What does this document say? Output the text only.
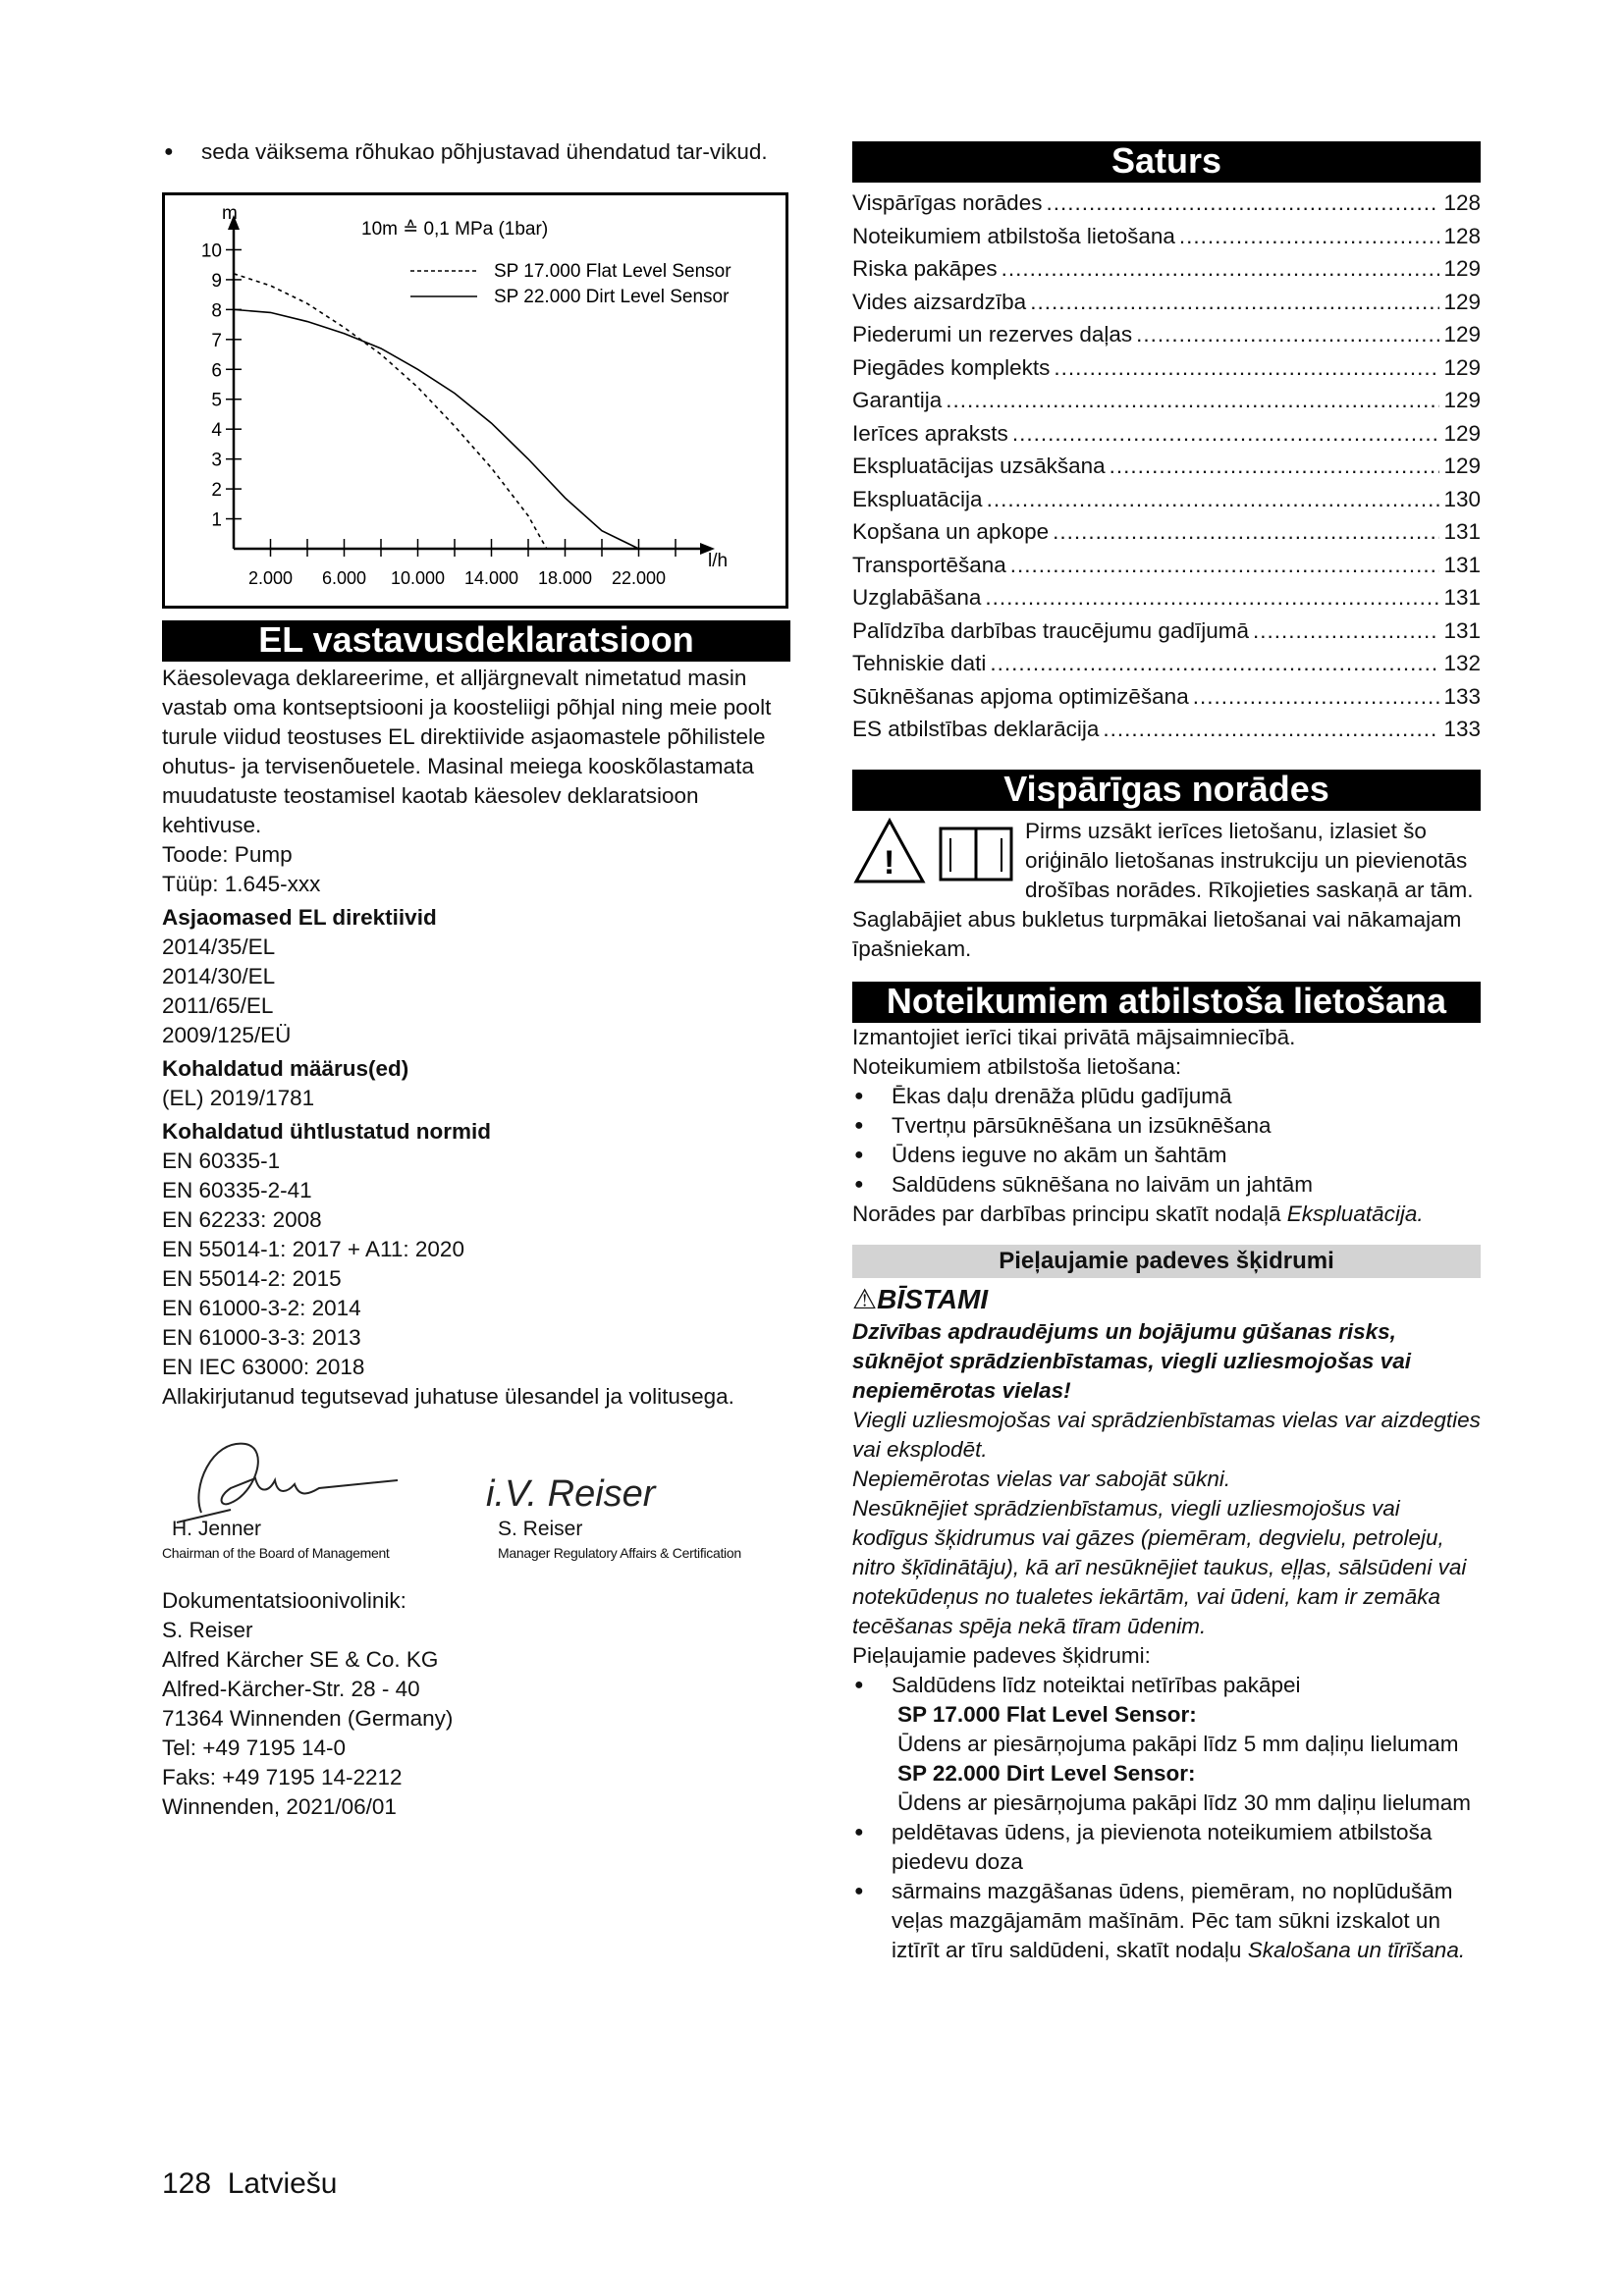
● seda väiksema rõhukao põhjustavad ühendatud tar-vikud.
1
2
3
4
5
6
7
8
9
10
2.000 6.000 10.000 14.000 18.000 22.000
10m ≙ 0,1 MPa (1bar)
SP 17.000 Flat Level Sensor
SP 22.000 Dirt Level Sensor
m
l/h
EL vastavusdeklaratsioon

Käesolevaga deklareerime, et alljärgnevalt nimetatud masin vastab oma kontseptsiooni ja koosteliigi põhjal ning meie poolt turule viidud teostuses EL direktiivide asjaomastele põhilistele ohutus- ja tervisenõuetele. Masinal meiega kooskõlastamata muudatuste teostamisel kaotab käesolev deklaratsioon kehtivuse.

Toode: Pump

Tüüp: 1.645-xxx

Asjaomased EL direktiivid

2014/35/EL

2014/30/EL

2011/65/EL

2009/125/EÜ

Kohaldatud määrus(ed)

(EL) 2019/1781

Kohaldatud ühtlustatud normid

EN 60335-1

EN 60335-2-41

EN 62233: 2008

EN 55014-1: 2017 + A11: 2020

EN 55014-2: 2015

EN 61000-3-2: 2014

EN 61000-3-3: 2013

EN IEC 63000: 2018

Allakirjutanud tegutsevad juhatuse ülesandel ja volitusega.

i.V. Reiser
H. Jenner
Chairman of the Board of Management
S. Reiser
Manager Regulatory Affairs & Certification

Dokumentatsioonivolinik:

S. Reiser

Alfred Kärcher SE & Co. KG

Alfred-Kärcher-Str. 28 - 40

71364 Winnenden (Germany)

Tel: +49 7195 14-0

Faks: +49 7195 14-2212

Winnenden, 2021/06/01

Saturs
Vispārīgas norādes .....	128
Noteikumiem atbilstoša lietošana .....	128
Riska pakāpes .....	129
Vides aizsardzība .....	129
Piederumi un rezerves daļas .....	129
Piegādes komplekts .....	129
Garantija .....	129
Ierīces apraksts .....	129
Ekspluatācijas uzsākšana .....	129
Ekspluatācija .....	130
Kopšana un apkope .....	131
Transportēšana .....	131
Uzglabāšana .....	131
Palīdzība darbības traucējumu gadījumā .....	131
Tehniskie dati .....	132
Sūknēšanas apjoma optimizēšana .....	133
ES atbilstības deklarācija .....	133
Vispārīgas norādes
!

Pirms uzsākt ierīces lietošanu, izlasiet šo oriģinālo lietošanas instrukciju un pievienotās drošības norādes. Rīkojieties saskaņā ar tām.

Saglabājiet abus bukletus turpmākai lietošanai vai nākamajam īpašniekam.

Noteikumiem atbilstoša lietošana

Izmantojiet ierīci tikai privātā mājsaimniecībā.

Noteikumiem atbilstoša lietošana:

● Ēkas daļu drenāža plūdu gadījumā
● Tvertņu pārsūknēšana un izsūknēšana
● Ūdens ieguve no akām un šahtām
● Saldūdens sūknēšana no laivām un jahtām

Norādes par darbības principu skatīt nodaļā Ekspluatācija.

Pieļaujamie padeves šķidrumi
⚠BĪSTAMI

Dzīvības apdraudējums un bojājumu gūšanas risks, sūknējot sprādzienbīstamas, viegli uzliesmojošas vai nepiemērotas vielas!

Viegli uzliesmojošas vai sprādzienbīstamas vielas var aizdegties vai eksplodēt.

Nepiemērotas vielas var sabojāt sūkni.

Nesūknējiet sprādzienbīstamus, viegli uzliesmojošus vai kodīgus šķidrumus vai gāzes (piemēram, degvielu, petroleju, nitro šķīdinātāju), kā arī nesūknējiet taukus, eļļas, sālsūdeni vai notekūdeņus no tualetes iekārtām, vai ūdeni, kam ir zemāka tecēšanas spēja nekā tīram ūdenim.

Pieļaujamie padeves šķidrumi:

● Saldūdens līdz noteiktai netīrības pakāpei
SP 17.000 Flat Level Sensor:
Ūdens ar piesārņojuma pakāpi līdz 5 mm daļiņu lielumam
SP 22.000 Dirt Level Sensor:
Ūdens ar piesārņojuma pakāpi līdz 30 mm daļiņu lielumam
● peldētavas ūdens, ja pievienota noteikumiem atbilstoša piedevu doza
● sārmains mazgāšanas ūdens, piemēram, no noplūdušām veļas mazgājamām mašīnām. Pēc tam sūkni izskalot un iztīrīt ar tīru saldūdeni, skatīt nodaļu Skalošana un tīrīšana.
128 Latviešu
